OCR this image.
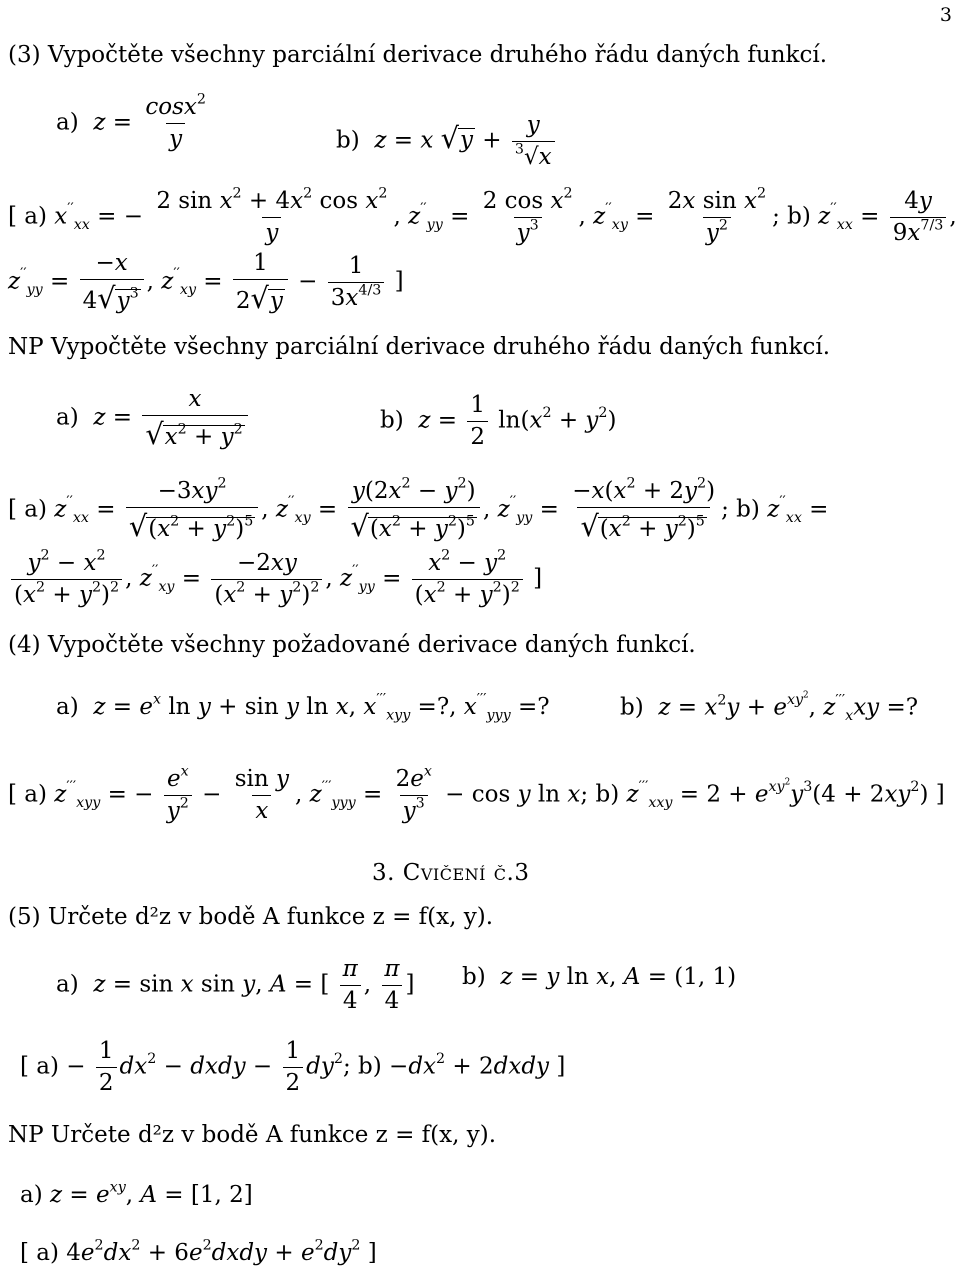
3
(3) Vypočtěte všechny parciální derivace druhého řádu daných funkcí.
a) $z = \frac{\cos x^2}{y}$	b) z = x √ $y + \frac{y}{^3√x}$
[ a) $x''_{xx}$ = − $\frac{2 \sin x^2 + 4x^2 \cos x^2}{y}$ , $z''_{yy} = \frac{2 \cos x^2}{y^3}$ , $z''_{xy} = \frac{2x \sin x^2}{y^2}$ ; b) $z''_{xx} = \frac{4y}{9x^{7/3}}$ ,
$z''_{yy} = \frac{-x}{4 √ y^3}$ , $z''_{xy} = \frac{1}{2 √ y} - \frac{1}{3x^{4/3}}$ ]
NP Vypočtěte všechny parciální derivace druhého řádu daných funkcí.
a) $z = \frac{x}{√ x^2 + y^2}$	b) $z = \frac{1}{2} \ln(x^2 + y^2)$
[ a) $z''_{xx} = \frac{-3xy^2}{√ (x^2 + y^2)^5}$ , $z''_{xy} = \frac{y(2x^2 - y^2)}{√ (x^2 + y^2)^5}$ , $z''_{yy} = \frac{-x(x^2 + 2y^2)}{√ (x^2 + y^2)^5}$ ; b) $z''_{xx}$ =
$\frac{y^2 - x^2}{(x^2 + y^2)^2}$ , $z''_{xy} = \frac{-2xy}{(x^2 + y^2)^2}$ , $z''_{yy} = \frac{x^2 - y^2}{(x^2 + y^2)^2}$ ]
(4) Vypočtěte všechny požadované derivace daných funkcí.
a) $z = e^x$ ln y + sin y ln x, $x'''_{xyy}$ =?, $x'''_{yyy}$ =?	b) $z = x^2y + e^{xy^2}$, $z'''_xxy$ =?
[ a) $z'''_{xyy}$ = − $\frac{e^x}{y^2} - \frac{\text{sin y}}{x}$ , $z'''_{yyy} = \frac{2e^x}{y^3} - \cos y$ ln x; b) $z'''_{xxy} = 2 + e^{xy^2}y^3(4 + 2xy^2)$ ]
3. Cvičení č.3
(5) Určete d²z v bodě A funkce z = f(x, y).
a) z = sin x sin y, A = [ $\frac{\pi}{4}$ , $\frac{\pi}{4}$ ] b) z = y ln x, A = (1, 1)
[ $a) - \frac{1}{2} dx^2$ − dxdy − $\frac{1}{2} dy^2$; $b) -dx^2$ + 2dxdy ]
NP Určete d²z v bodě A funkce z = f(x, y).
a) $z = e^{xy}$, A = [1, 2]
[ a) $4e^2dx^2$ + $6e^2dxdy + e^2dy^2$ ]
